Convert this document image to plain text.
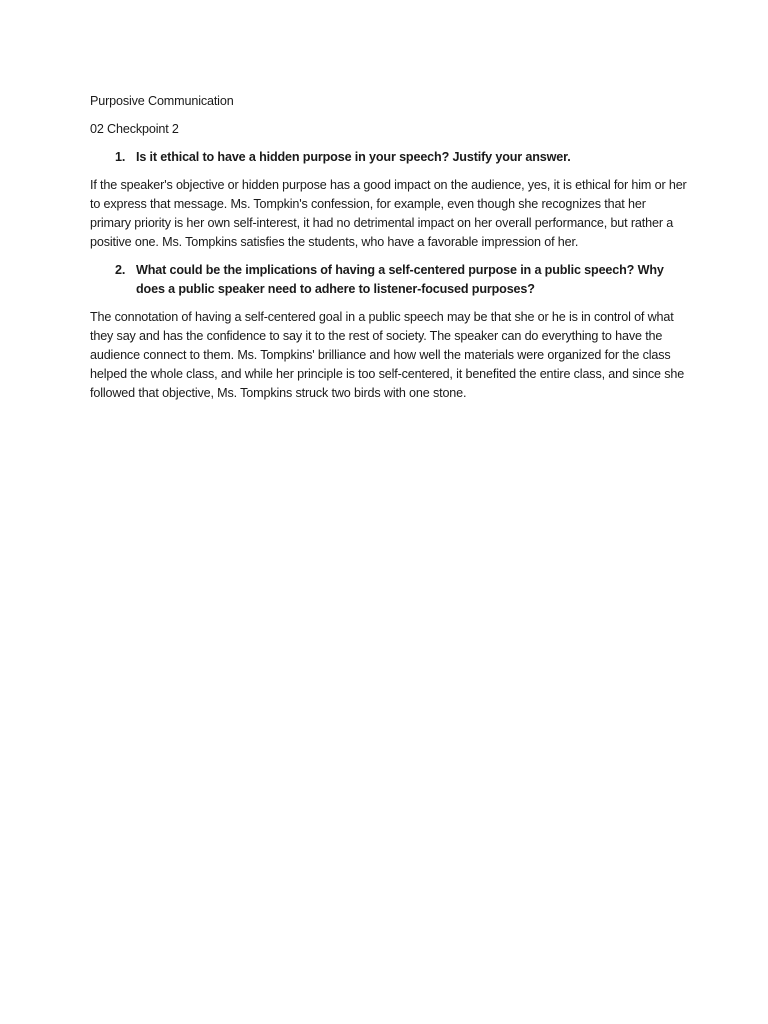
Purposive Communication

02 Checkpoint 2

1. Is it ethical to have a hidden purpose in your speech? Justify your answer.

If the speaker's objective or hidden purpose has a good impact on the audience, yes, it is ethical for him or her to express that message. Ms. Tompkin's confession, for example, even though she recognizes that her primary priority is her own self-interest, it had no detrimental impact on her overall performance, but rather a positive one. Ms. Tompkins satisfies the students, who have a favorable impression of her.

2. What could be the implications of having a self-centered purpose in a public speech? Why does a public speaker need to adhere to listener-focused purposes?

The connotation of having a self-centered goal in a public speech may be that she or he is in control of what they say and has the confidence to say it to the rest of society. The speaker can do everything to have the audience connect to them. Ms. Tompkins' brilliance and how well the materials were organized for the class helped the whole class, and while her principle is too self-centered, it benefited the entire class, and since she followed that objective, Ms. Tompkins struck two birds with one stone.
